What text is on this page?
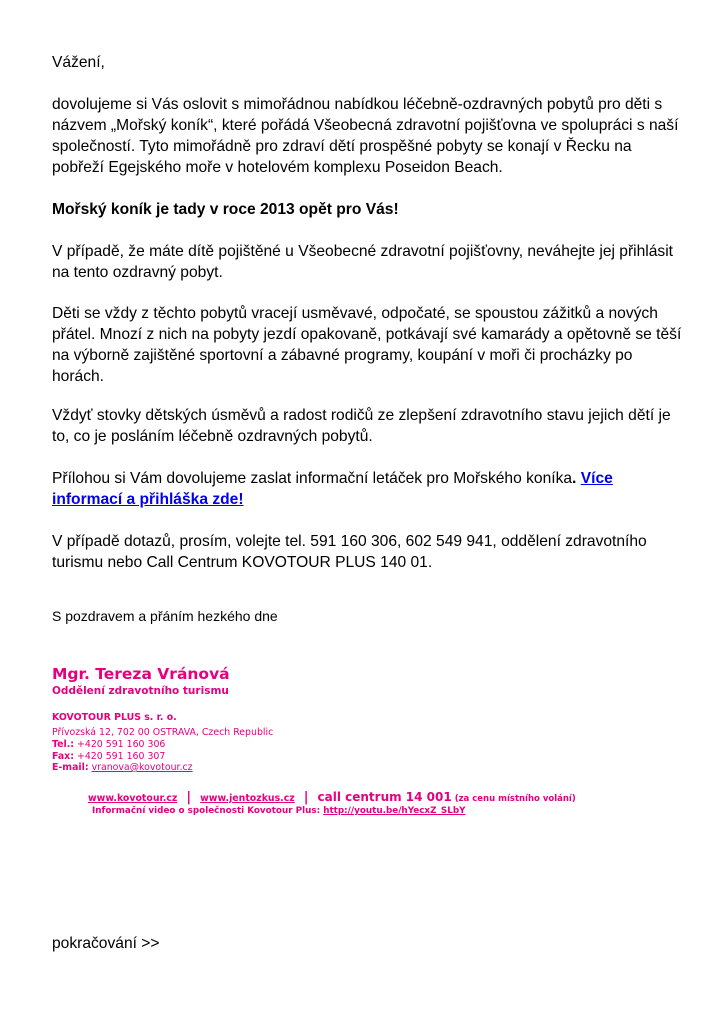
Vážení,

dovolujeme si Vás oslovit s mimořádnou nabídkou léčebně-ozdravných pobytů pro děti s názvem „Mořský koník“, které pořádá Všeobecná zdravotní pojišťovna ve spolupráci s naší společností. Tyto mimořádně pro zdraví dětí prospěšné pobyty se konají v Řecku na pobřeží Egejského moře v hotelovém komplexu Poseidon Beach.

Mořský koník je tady v roce 2013 opět pro Vás!

V případě, že máte dítě pojištěné u Všeobecné zdravotní pojišťovny, neváhejte jej přihlásit na tento ozdravný pobyt.

Děti se vždy z těchto pobytů vracejí usměvavé, odpočaté, se spoustou zážitků a nových přátel. Mnozí z nich na pobyty jezdí opakovaně, potkávají své kamarády a opětovně se těší na výborně zajištěné sportovní a zábavné programy, koupání v moři či procházky po horách.

Vždyť stovky dětských úsměvů a radost rodičů ze zlepšení zdravotního stavu jejich dětí je to, co je posláním léčebně ozdravných pobytů.

Přílohou si Vám dovolujeme zaslat informační letáček pro Mořského koníka. Více informací a přihláška zde!

V případě dotazů, prosím, volejte tel. 591 160 306, 602 549 941, oddělení zdravotního turismu nebo Call Centrum KOVOTOUR PLUS 140 01.

S pozdravem a přáním hezkého dne

Mgr. Tereza Vránová

Oddělení zdravotního turismu

KOVOTOUR PLUS s. r. o.

Přívozská 12, 702 00 OSTRAVA, Czech Republic

Tel.: +420 591 160 306

Fax: +420 591 160 307

E-mail: vranova@kovotour.cz

www.kovotour.cz | www.jentozkus.cz | call centrum 14 001 (za cenu místního volání)
Informační video o společnosti Kovotour Plus: http://youtu.be/hYecxZ_SLbY
pokračování >>
